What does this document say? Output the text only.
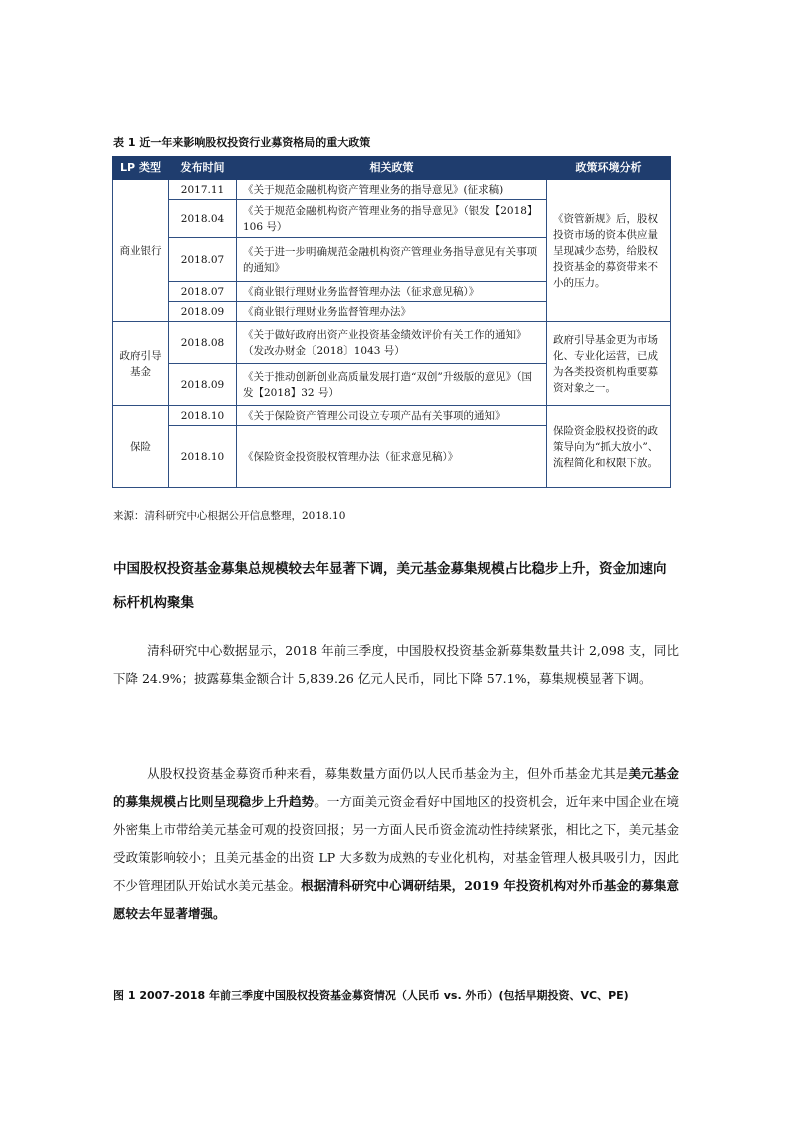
表 1 近一年来影响股权投资行业募资格局的重大政策
LP 类型	发布时间	相关政策	政策环境分析
商业银行	2017.11	《关于规范金融机构资产管理业务的指导意见》(征求稿)	《资管新规》后，股权投资市场的资本供应量呈现减少态势，给股权投资基金的募资带来不小的压力。
	2018.04	《关于规范金融机构资产管理业务的指导意见》（银发【2018】106 号）	
	2018.07	《关于进一步明确规范金融机构资产管理业务指导意见有关事项的通知》	
	2018.07	《商业银行理财业务监督管理办法（征求意见稿）》	
	2018.09	《商业银行理财业务监督管理办法》	
政府引导基金	2018.08	《关于做好政府出资产业投资基金绩效评价有关工作的通知》（发改办财金〔2018〕1043 号）	政府引导基金更为市场化、专业化运营，已成为各类投资机构重要募资对象之一。
	2018.09	《关于推动创新创业高质量发展打造“双创”升级版的意见》（国发【2018】32 号）	
保险	2018.10	《关于保险资产管理公司设立专项产品有关事项的通知》	保险资金股权投资的政策导向为“抓大放小”、流程简化和权限下放。
	2018.10	《保险资金投资股权管理办法（征求意见稿）》	
来源：清科研究中心根据公开信息整理，2018.10
中国股权投资基金募集总规模较去年显著下调，美元基金募集规模占比稳步上升，资金加速向标杆机构聚集
清科研究中心数据显示，2018 年前三季度，中国股权投资基金新募集数量共计 2,098 支，同比下降 24.9%；披露募集金额合计 5,839.26 亿元人民币，同比下降 57.1%，募集规模显著下调。
从股权投资基金募资币种来看，募集数量方面仍以人民币基金为主，但外币基金尤其是美元基金的募集规模占比则呈现稳步上升趋势。一方面美元资金看好中国地区的投资机会，近年来中国企业在境外密集上市带给美元基金可观的投资回报；另一方面人民币资金流动性持续紧张，相比之下，美元基金受政策影响较小；且美元基金的出资 LP 大多数为成熟的专业化机构，对基金管理人极具吸引力，因此不少管理团队开始试水美元基金。根据清科研究中心调研结果，2019 年投资机构对外币基金的募集意愿较去年显著增强。
图 1 2007-2018 年前三季度中国股权投资基金募资情况（人民币 vs. 外币）(包括早期投资、VC、PE)
